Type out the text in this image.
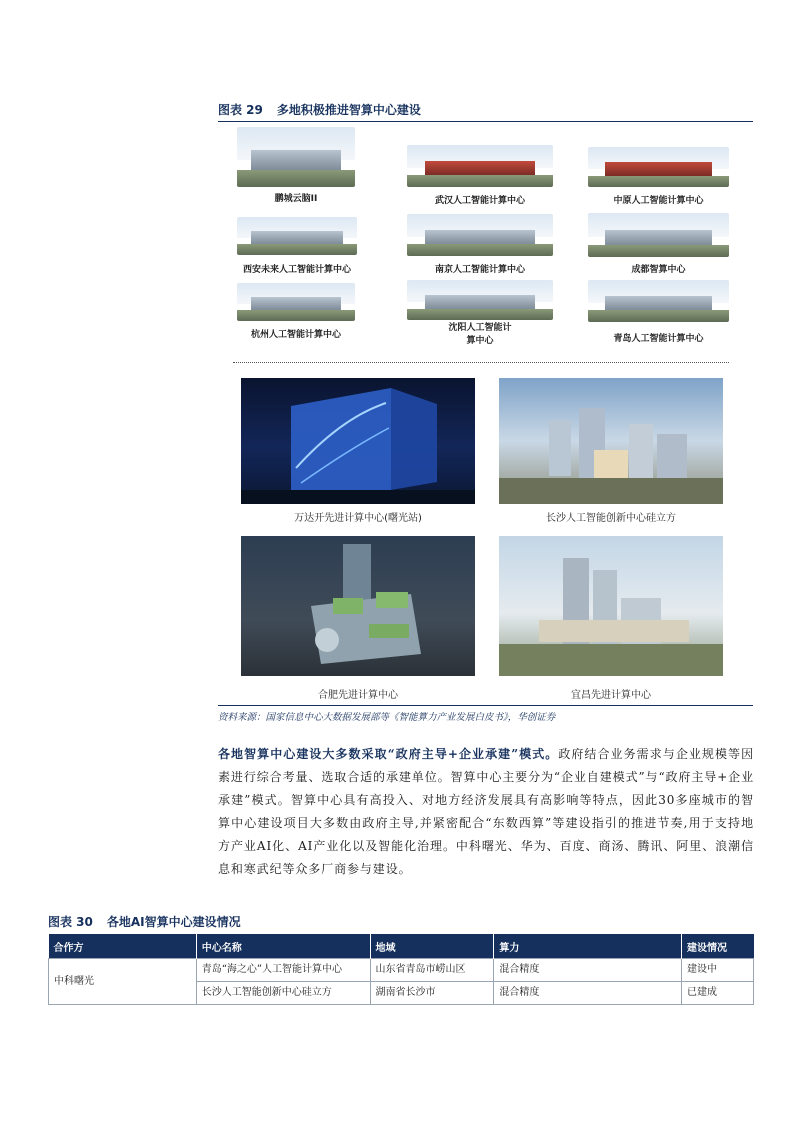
图表 29 多地积极推进智算中心建设
鹏城云脑II	武汉人工智能计算中心	中原人工智能计算中心
西安未来人工智能计算中心	南京人工智能计算中心	成都智算中心
杭州人工智能计算中心
沈阳人工智能计算中心	青岛人工智能计算中心
万达开先进计算中心(曙光站)	长沙人工智能创新中心硅立方
合肥先进计算中心	宜昌先进计算中心
资料来源：国家信息中心大数据发展部等《智能算力产业发展白皮书》，华创证券
各地智算中心建设大多数采取“政府主导+企业承建”模式。政府结合业务需求与企业规模等因素进行综合考量、选取合适的承建单位。智算中心主要分为“企业自建模式”与“政府主导+企业承建”模式。智算中心具有高投入、对地方经济发展具有高影响等特点，因此30多座城市的智算中心建设项目大多数由政府主导,并紧密配合“东数西算”等建设指引的推进节奏,用于支持地方产业AI化、AI产业化以及智能化治理。中科曙光、华为、百度、商汤、腾讯、阿里、浪潮信息和寒武纪等众多厂商参与建设。
图表 30 各地AI智算中心建设情况
合作方	中心名称	地域	算力	建设情况
中科曙光	青岛“海之心”人工智能计算中心	山东省青岛市崂山区	混合精度	建设中
	长沙人工智能创新中心硅立方	湖南省长沙市	混合精度	已建成
